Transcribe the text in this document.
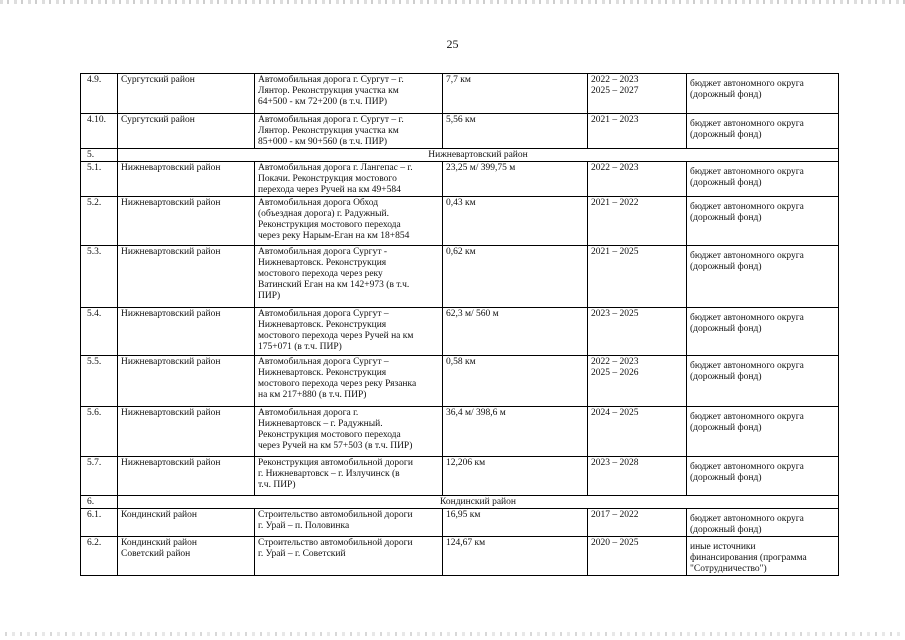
25
4.9.	Сургутский район	Автомобильная дорога г. Сургут – г.
Лянтор. Реконструкция участка км
64+500 - км 72+200 (в т.ч. ПИР)	7,7 км	2022 – 2023
2025 – 2027	бюджет автономного округа
(дорожный фонд)

4.10.	Сургутский район	Автомобильная дорога г. Сургут – г.
Лянтор. Реконструкция участка км
85+000 - км 90+560 (в т.ч. ПИР)	5,56 км	2021 – 2023	бюджет автономного округа
(дорожный фонд)

5.	Нижневартовский район				
5.1.	Нижневартовский район	Автомобильная дорога г. Лангепас – г.
Покачи. Реконструкция мостового
перехода через Ручей на км 49+584	23,25 м/ 399,75 м	2022 – 2023	бюджет автономного округа
(дорожный фонд)

5.2.	Нижневартовский район	Автомобильная дорога Обход
(объездная дорога) г. Радужный.
Реконструкция мостового перехода
через реку Нарым-Еган на км 18+854	0,43 км	2021 – 2022	бюджет автономного округа
(дорожный фонд)

5.3.	Нижневартовский район	Автомобильная дорога Сургут -
Нижневартовск. Реконструкция
мостового перехода через реку
Ватинский Еган на км 142+973 (в т.ч.
ПИР)	0,62 км	2021 – 2025	бюджет автономного округа
(дорожный фонд)

5.4.	Нижневартовский район	Автомобильная дорога Сургут –
Нижневартовск. Реконструкция
мостового перехода через Ручей на км
175+071 (в т.ч. ПИР)	62,3 м/ 560 м	2023 – 2025	бюджет автономного округа
(дорожный фонд)

5.5.	Нижневартовский район	Автомобильная дорога Сургут –
Нижневартовск. Реконструкция
мостового перехода через реку Рязанка
на км 217+880 (в т.ч. ПИР)	0,58 км	2022 – 2023
2025 – 2026	бюджет автономного округа
(дорожный фонд)

5.6.	Нижневартовский район	Автомобильная дорога г.
Нижневартовск – г. Радужный.
Реконструкция мостового перехода
через Ручей на км 57+503 (в т.ч. ПИР)	36,4 м/ 398,6 м	2024 – 2025	бюджет автономного округа
(дорожный фонд)

5.7.	Нижневартовский район	Реконструкция автомобильной дороги
г. Нижневартовск – г. Излучинск (в
т.ч. ПИР)	12,206 км	2023 – 2028	бюджет автономного округа
(дорожный фонд)

6.	Кондинский район				
6.1.	Кондинский район	Строительство автомобильной дороги
г. Урай – п. Половинка	16,95 км	2017 – 2022	бюджет автономного округа
(дорожный фонд)

6.2.	Кондинский район
Советский район	Строительство автомобильной дороги
г. Урай – г. Советский	124,67 км	2020 – 2025	иные источники
финансирования (программа
"Сотрудничество")
